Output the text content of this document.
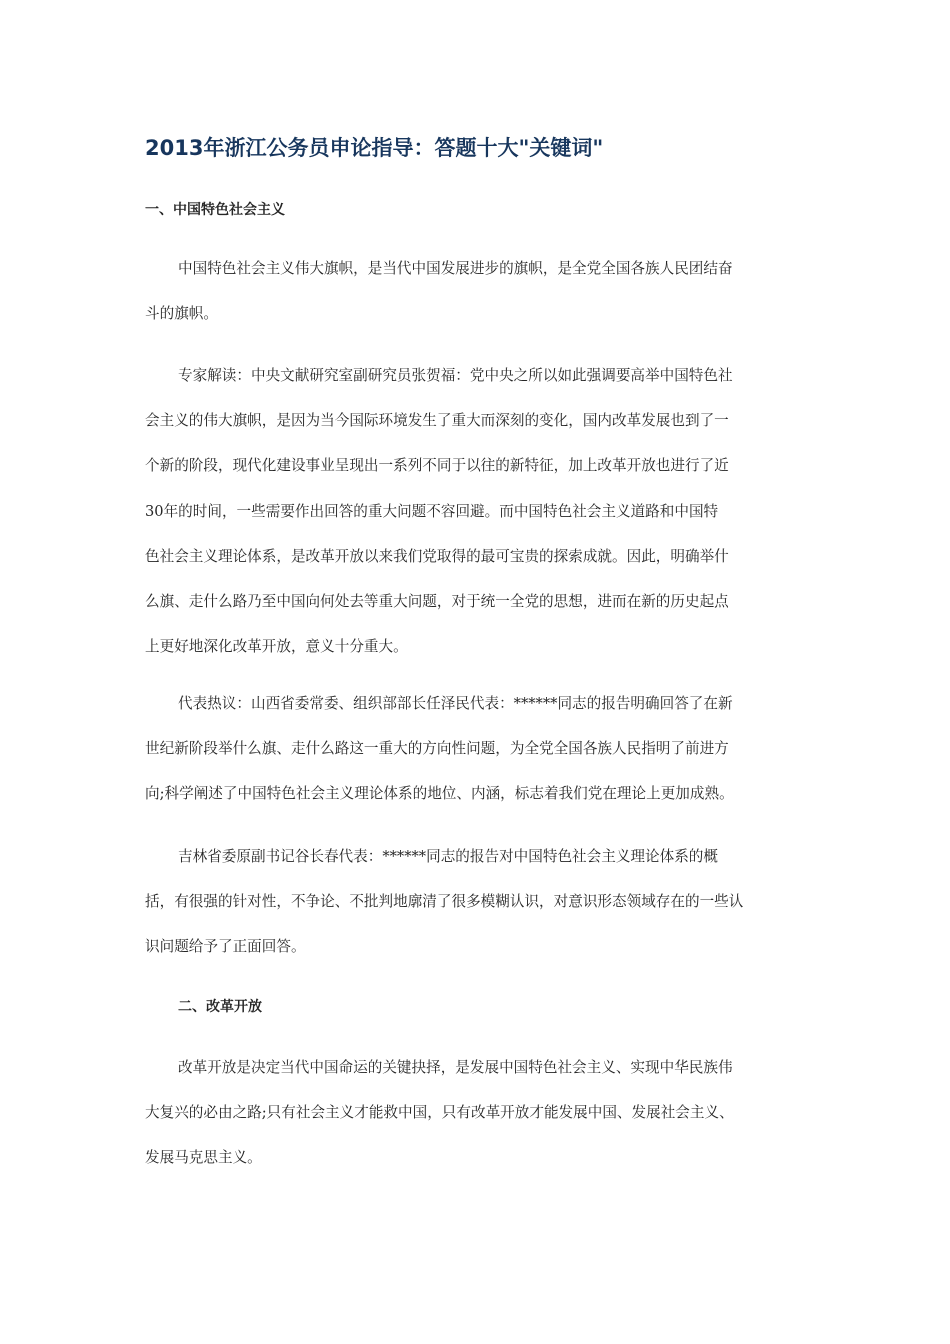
2013年浙江公务员申论指导：答题十大"关键词"
一、中国特色社会主义
中国特色社会主义伟大旗帜，是当代中国发展进步的旗帜，是全党全国各族人民团结奋
斗的旗帜。
专家解读：中央文献研究室副研究员张贺福：党中央之所以如此强调要高举中国特色社
会主义的伟大旗帜，是因为当今国际环境发生了重大而深刻的变化，国内改革发展也到了一
个新的阶段，现代化建设事业呈现出一系列不同于以往的新特征，加上改革开放也进行了近
30年的时间，一些需要作出回答的重大问题不容回避。而中国特色社会主义道路和中国特
色社会主义理论体系，是改革开放以来我们党取得的最可宝贵的探索成就。因此，明确举什
么旗、走什么路乃至中国向何处去等重大问题，对于统一全党的思想，进而在新的历史起点
上更好地深化改革开放，意义十分重大。
代表热议：山西省委常委、组织部部长任泽民代表：******同志的报告明确回答了在新
世纪新阶段举什么旗、走什么路这一重大的方向性问题，为全党全国各族人民指明了前进方
向;科学阐述了中国特色社会主义理论体系的地位、内涵，标志着我们党在理论上更加成熟。
吉林省委原副书记谷长春代表：******同志的报告对中国特色社会主义理论体系的概
括，有很强的针对性，不争论、不批判地廓清了很多模糊认识，对意识形态领域存在的一些认
识问题给予了正面回答。
二、改革开放
改革开放是决定当代中国命运的关键抉择，是发展中国特色社会主义、实现中华民族伟
大复兴的必由之路;只有社会主义才能救中国，只有改革开放才能发展中国、发展社会主义、
发展马克思主义。
